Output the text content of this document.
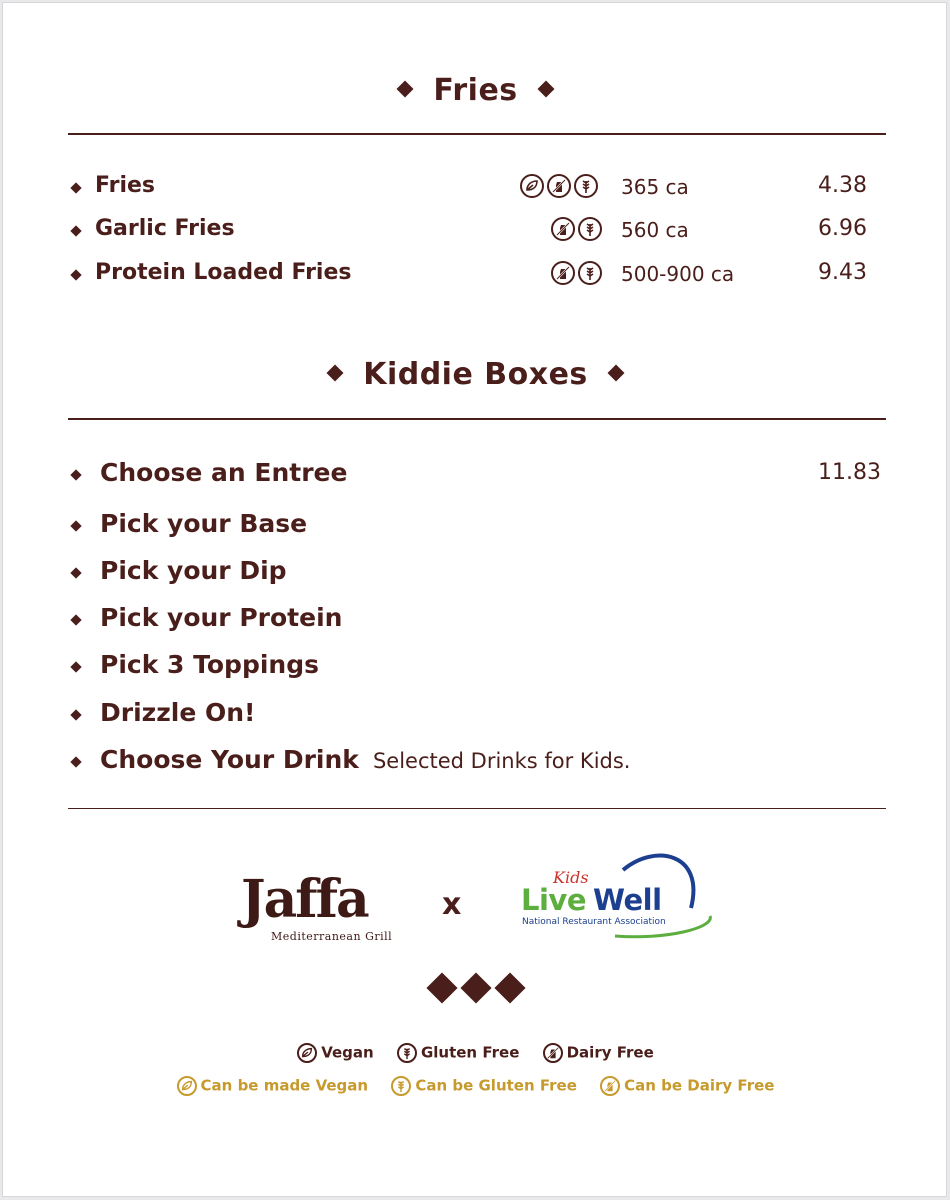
Fries
Fries	365 ca	4.38
Garlic Fries	560 ca	6.96
Protein Loaded Fries	500-900 ca	9.43
Kiddie Boxes
Choose an Entree	11.83
Pick your Base
Pick your Dip
Pick your Protein
Pick 3 Toppings
Drizzle On!
Choose Your Drink Selected Drinks for Kids.
Jaffa
Mediterranean Grill
x
Kids
Live Well
National Restaurant Association
Vegan	Gluten Free	Dairy Free
Can be made Vegan	Can be Gluten Free	Can be Dairy Free
